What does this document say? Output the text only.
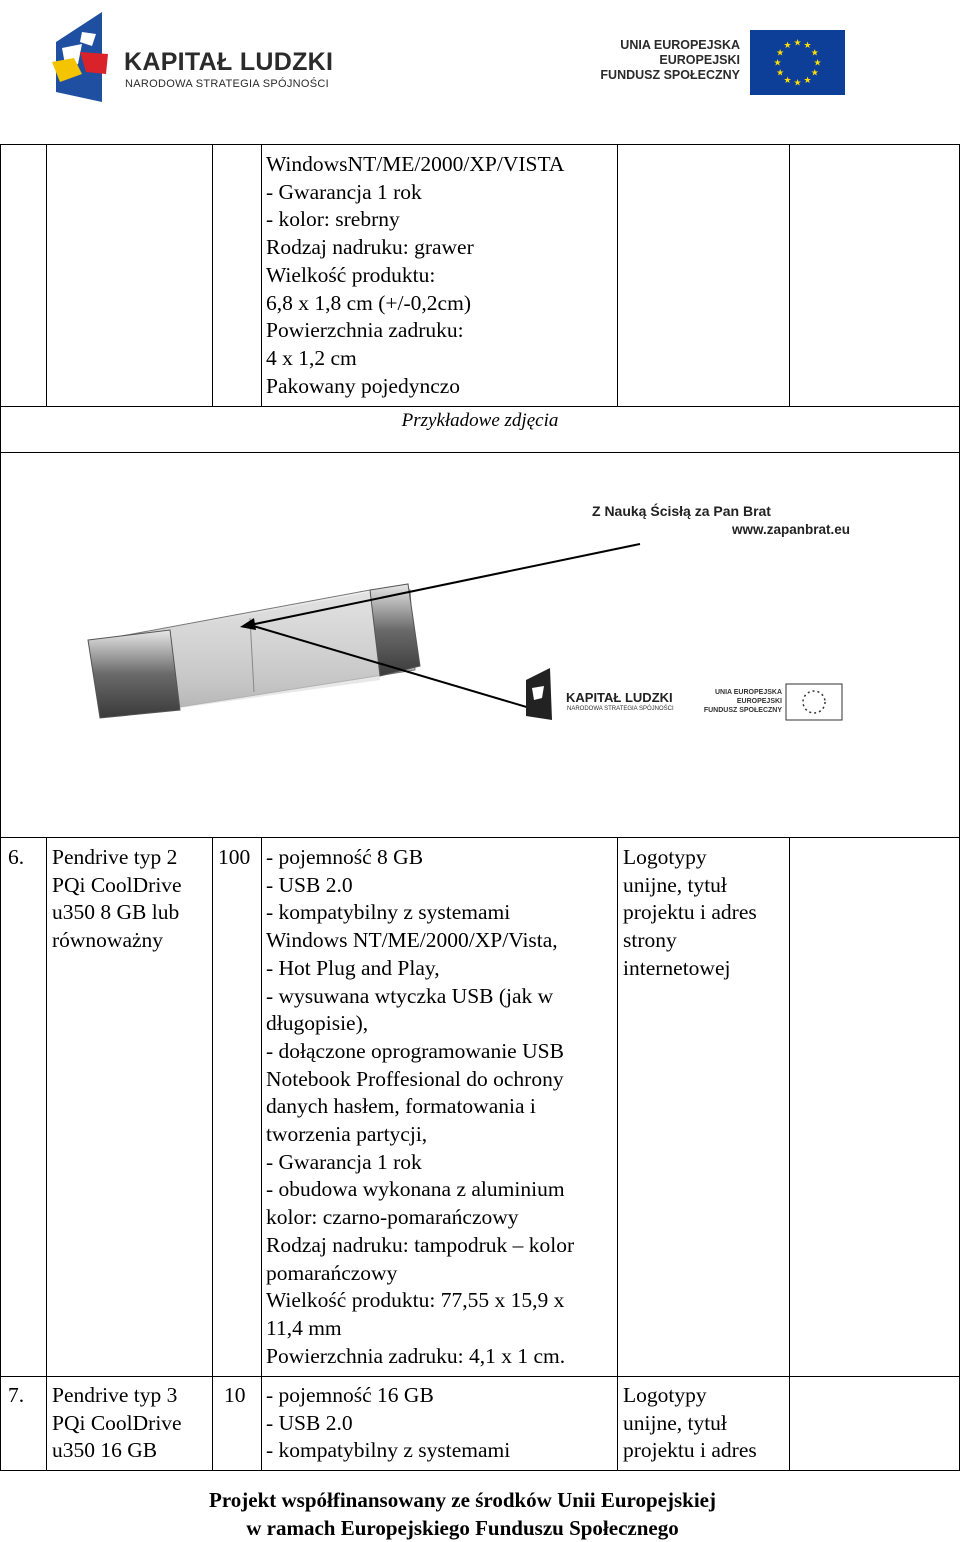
KAPITAŁ LUDZKI
NARODOWA STRATEGIA SPÓJNOŚCI
UNIA EUROPEJSKA
EUROPEJSKI
FUNDUSZ SPOŁECZNY
★
★
★
★
★
★
★
★
★ ★ ★
★
WindowsNT/ME/2000/XP/VISTA
- Gwarancja 1 rok
- kolor: srebrny
Rodzaj nadruku: grawer
Wielkość produktu:
6,8 x 1,8 cm (+/-0,2cm)
Powierzchnia zadruku:
4 x 1,2 cm
Pakowany pojedynczo
Przykładowe zdjęcia
Z Nauką Ścisłą za Pan Brat
www.zapanbrat.eu
KAPITAŁ LUDZKI
NARODOWA STRATEGIA SPÓJNOŚCI
UNIA EUROPEJSKA
EUROPEJSKI
FUNDUSZ SPOŁECZNY
6. Pendrive typ 2
PQi CoolDrive
u350 8 GB lub
równoważny
100 - pojemność 8 GB
- USB 2.0
- kompatybilny z systemami
Windows NT/ME/2000/XP/Vista,
- Hot Plug and Play,
- wysuwana wtyczka USB (jak w
długopisie),
- dołączone oprogramowanie USB
Notebook Proffesional do ochrony
danych hasłem, formatowania i
tworzenia partycji,
- Gwarancja 1 rok
- obudowa wykonana z aluminium
kolor: czarno-pomarańczowy
Rodzaj nadruku: tampodruk – kolor
pomarańczowy
Wielkość produktu: 77,55 x 15,9 x
11,4 mm
Powierzchnia zadruku: 4,1 x 1 cm.
Logotypy
unijne, tytuł
projektu i adres
strony
internetowej
7. Pendrive typ 3
PQi CoolDrive
u350 16 GB
10 - pojemność 16 GB
- USB 2.0
- kompatybilny z systemami
Logotypy
unijne, tytuł
projektu i adres
Projekt współfinansowany ze środków Unii Europejskiej
w ramach Europejskiego Funduszu Społecznego
